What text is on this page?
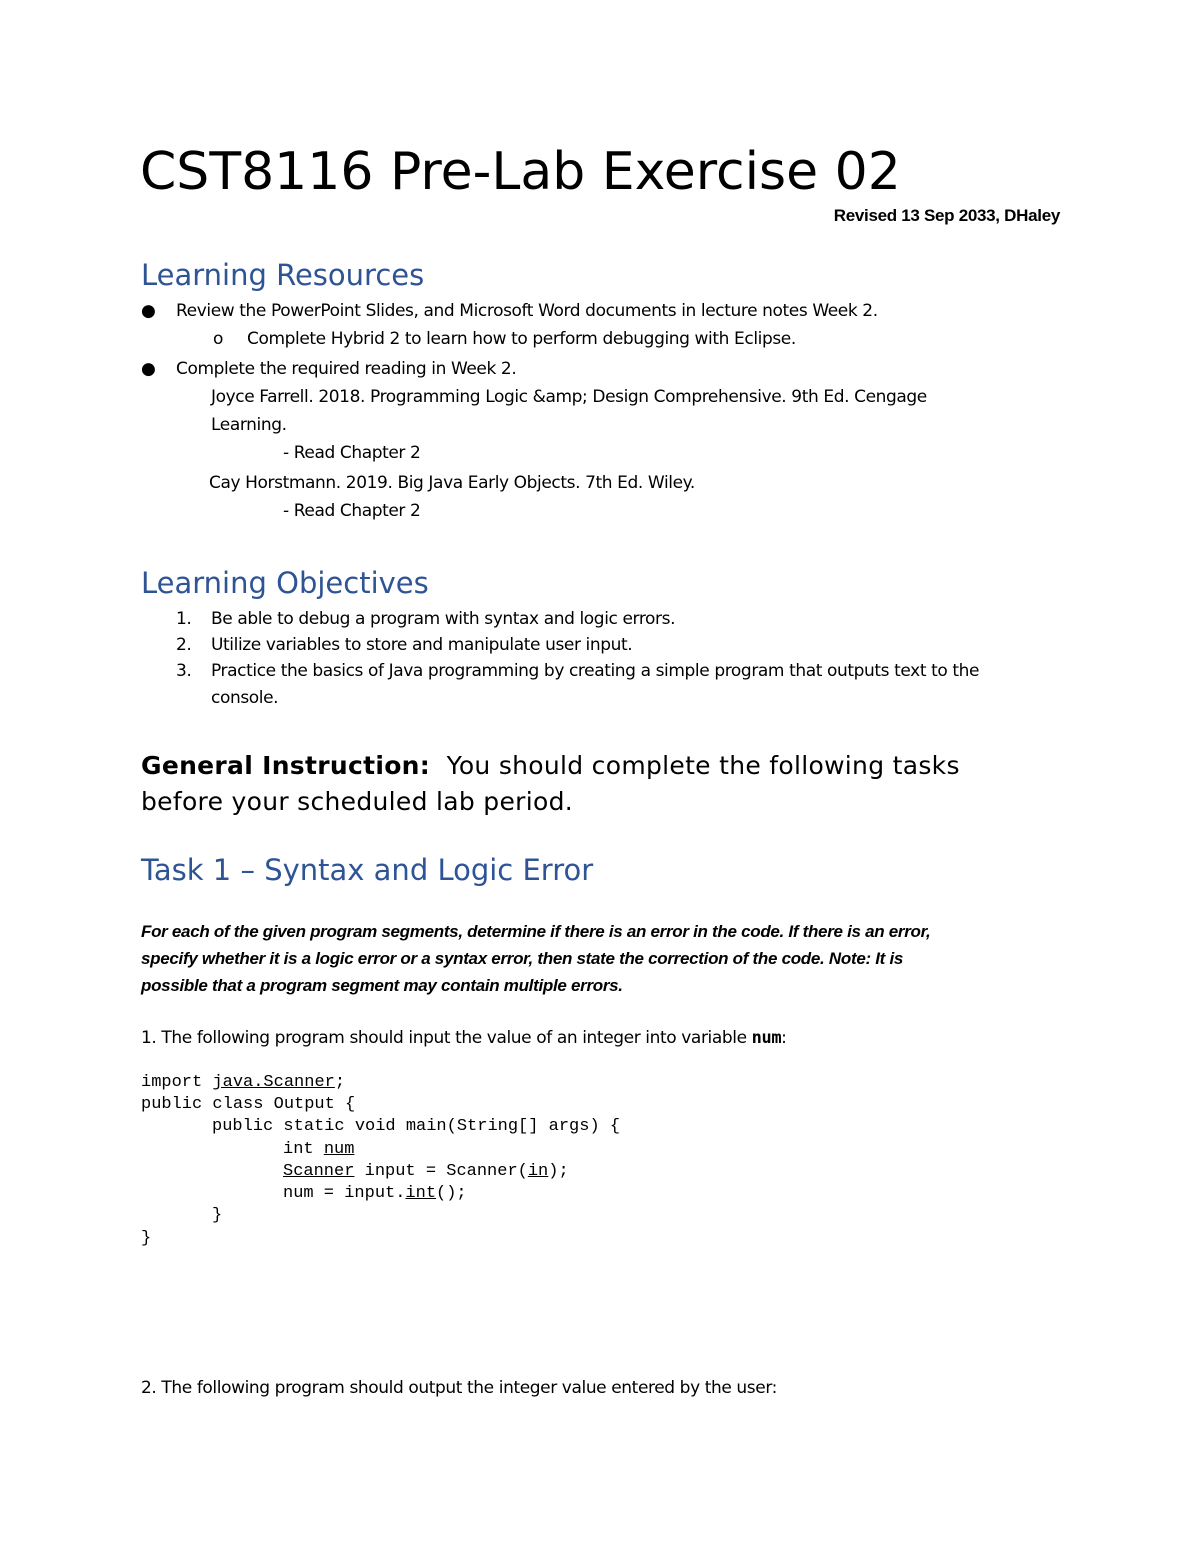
CST8116 Pre-Lab Exercise 02
Revised 13 Sep 2033, DHaley
Learning Resources
● Review the PowerPoint Slides, and Microsoft Word documents in lecture notes Week 2.
o Complete Hybrid 2 to learn how to perform debugging with Eclipse.
● Complete the required reading in Week 2.
Joyce Farrell. 2018. Programming Logic &amp; Design Comprehensive. 9th Ed. Cengage
Learning.
- Read Chapter 2
Cay Horstmann. 2019. Big Java Early Objects. 7th Ed. Wiley.
- Read Chapter 2
Learning Objectives
1. Be able to debug a program with syntax and logic errors.
2. Utilize variables to store and manipulate user input.
3. Practice the basics of Java programming by creating a simple program that outputs text to the
console.
General Instruction: You should complete the following tasks
before your scheduled lab period.
Task 1 – Syntax and Logic Error
For each of the given program segments, determine if there is an error in the code. If there is an error,
specify whether it is a logic error or a syntax error, then state the correction of the code. Note: It is
possible that a program segment may contain multiple errors.
1. The following program should input the value of an integer into variable num:
import java.Scanner;
public class Output {
public static void main(String[] args) {
int num
Scanner input = Scanner(in);
num = input.int();
}
}
2. The following program should output the integer value entered by the user:
